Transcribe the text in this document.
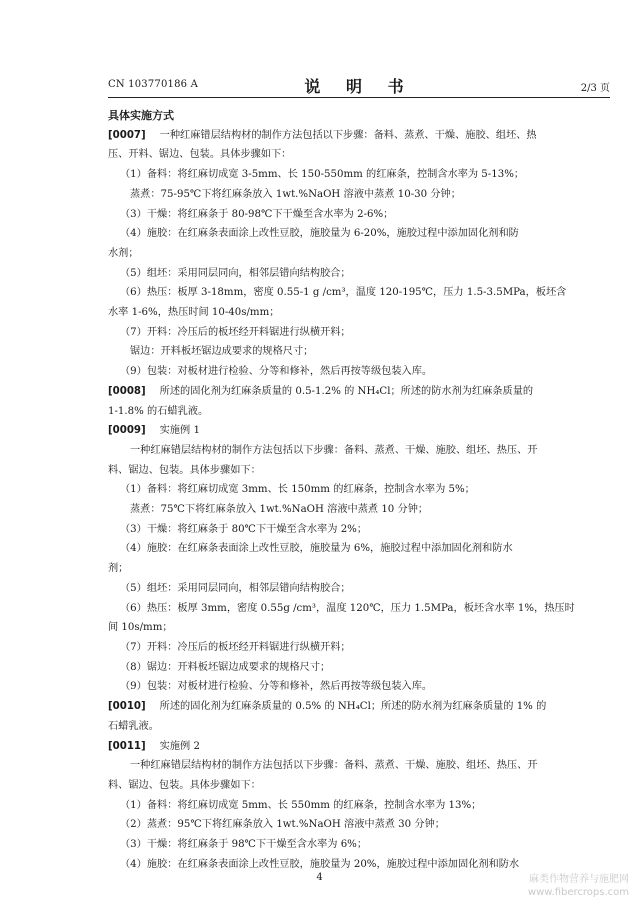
CN 103770186 A	说 明 书	2/3 页
具体实施方式
[0007] 一种红麻错层结构材的制作方法包括以下步骤：备料、蒸煮、干燥、施胶、组坯、热
压、开料、锯边、包装。具体步骤如下：
（1）备料：将红麻切成宽 3-5mm、长 150-550mm 的红麻条，控制含水率为 5-13%；
蒸煮：75-95℃下将红麻条放入 1wt.%NaOH 溶液中蒸煮 10-30 分钟；
（3）干燥：将红麻条于 80-98℃下干燥至含水率为 2-6%；
（4）施胶：在红麻条表面涂上改性豆胶，施胶量为 6-20%，施胶过程中添加固化剂和防
水剂；
（5）组坯：采用同层同向，相邻层错向结构胶合；
（6）热压：板厚 3-18mm，密度 0.55-1 g /cm³，温度 120-195℃，压力 1.5-3.5MPa，板坯含
水率 1-6%，热压时间 10-40s/mm；
（7）开料：冷压后的板坯经开料锯进行纵横开料；
锯边：开料板坯锯边成要求的规格尺寸；
（9）包装：对板材进行检验、分等和修补，然后再按等级包装入库。
[0008] 所述的固化剂为红麻条质量的 0.5-1.2% 的 NH₄Cl；所述的防水剂为红麻条质量的
1-1.8% 的石蜡乳液。
[0009] 实施例 1
一种红麻错层结构材的制作方法包括以下步骤：备料、蒸煮、干燥、施胶、组坯、热压、开
料、锯边、包装。具体步骤如下：
（1）备料：将红麻切成宽 3mm、长 150mm 的红麻条，控制含水率为 5%；
蒸煮：75℃下将红麻条放入 1wt.%NaOH 溶液中蒸煮 10 分钟；
（3）干燥：将红麻条于 80℃下干燥至含水率为 2%；
（4）施胶：在红麻条表面涂上改性豆胶，施胶量为 6%，施胶过程中添加固化剂和防水
剂；
（5）组坯：采用同层同向，相邻层错向结构胶合；
（6）热压：板厚 3mm，密度 0.55g /cm³，温度 120℃，压力 1.5MPa，板坯含水率 1%，热压时
间 10s/mm；
（7）开料：冷压后的板坯经开料锯进行纵横开料；
（8）锯边：开料板坯锯边成要求的规格尺寸；
（9）包装：对板材进行检验、分等和修补，然后再按等级包装入库。
[0010] 所述的固化剂为红麻条质量的 0.5% 的 NH₄Cl；所述的防水剂为红麻条质量的 1% 的
石蜡乳液。
[0011] 实施例 2
一种红麻错层结构材的制作方法包括以下步骤：备料、蒸煮、干燥、施胶、组坯、热压、开
料、锯边、包装。具体步骤如下：
（1）备料：将红麻切成宽 5mm、长 550mm 的红麻条，控制含水率为 13%；
（2）蒸煮：95℃下将红麻条放入 1wt.%NaOH 溶液中蒸煮 30 分钟；
（3）干燥：将红麻条于 98℃下干燥至含水率为 6%；
（4）施胶：在红麻条表面涂上改性豆胶，施胶量为 20%，施胶过程中添加固化剂和防水
4	麻类作物营养与施肥网
www.fibercrops.com
